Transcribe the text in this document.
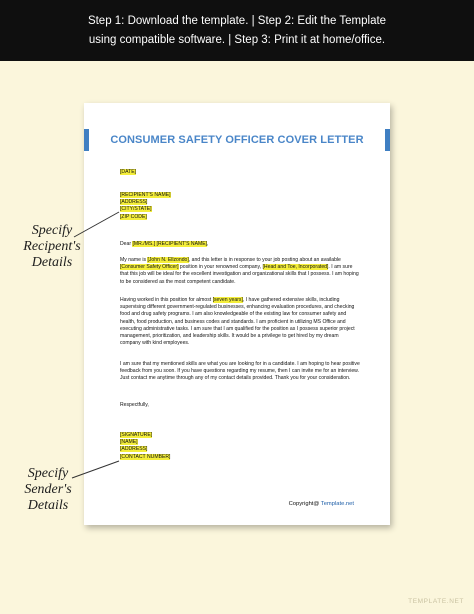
Step 1: Download the template. | Step 2: Edit the Template
using compatible software. | Step 3: Print it at home/office.
CONSUMER SAFETY OFFICER COVER LETTER
[DATE]
[RECIPIENT'S NAME]
[ADDRESS]
[CITY/STATE]
[ZIP CODE]
Dear [MR./MS.] [RECIPIENT'S NAME],

My name is [John N. Ellzondo], and this letter is in response to your job posting about an available [Consumer Safety Officer] position in your renowned company, [Head and Toe, Incorporated]. I am sure that this job will be ideal for the excellent investigation and organizational skills that I possess. I am hoping to be considered as the most competent candidate.

Having worked in this position for almost [seven years], I have gathered extensive skills, including supervising different government-regulated businesses, enhancing evaluation procedures, and checking food and drug safety programs. I am also knowledgeable of the existing law for consumer safety and health, food production, and business codes and standards. I am proficient in utilizing MS Office and executing administrative tasks. I am sure that I am qualified for the position as I possess superior project management, prioritization, and leadership skills. It would be a privilege to get hired by my dream company with kind employees.

I am sure that my mentioned skills are what you are looking for in a candidate. I am hoping to hear positive feedback from you soon. If you have questions regarding my resume, then I can invite me for an interview. Just contact me anytime through any of my contact details provided. Thank you for your consideration.

Respectfully,
[SIGNATURE]
[NAME]
[ADDRESS]
[CONTACT NUMBER]
Copyright@ Template.net
Specify
Recipent's
Details
Specify
Sender's
Details
TEMPLATE.NET
